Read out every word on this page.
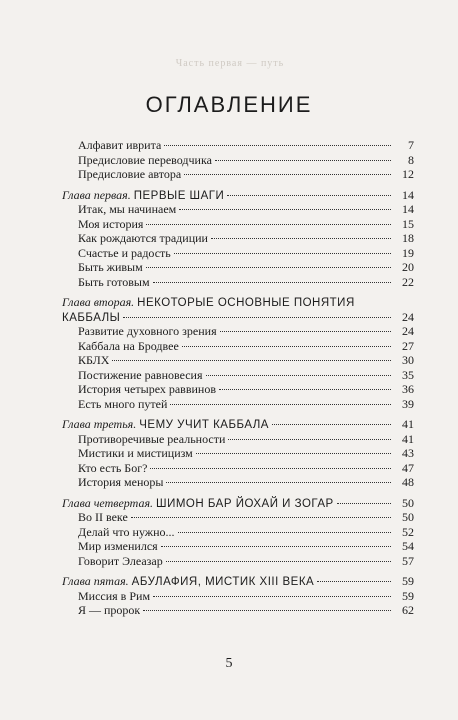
Часть первая — путь
ОГЛАВЛЕНИЕ
Алфавит иврита	7
Предисловие переводчика	8
Предисловие автора	12
Глава первая. ПЕРВЫЕ ШАГИ	14
Итак, мы начинаем	14
Моя история	15
Как рождаются традиции	18
Счастье и радость	19
Быть живым	20
Быть готовым	22
Глава вторая. НЕКОТОРЫЕ ОСНОВНЫЕ ПОНЯТИЯ
КАББАЛЫ	24
Развитие духовного зрения	24
Каббала на Бродвее	27
КБЛХ	30
Постижение равновесия	35
История четырех раввинов	36
Есть много путей	39
Глава третья. ЧЕМУ УЧИТ КАББАЛА	41
Противоречивые реальности	41
Мистики и мистицизм	43
Кто есть Бог?	47
История меноры	48
Глава четвертая. ШИМОН БАР ЙОХАЙ И ЗОГАР	50
Во II веке	50
Делай что нужно...	52
Мир изменился	54
Говорит Элеазар	57
Глава пятая. АБУЛАФИЯ, МИСТИК XIII ВЕКА	59
Миссия в Рим	59
Я — пророк	62
5
